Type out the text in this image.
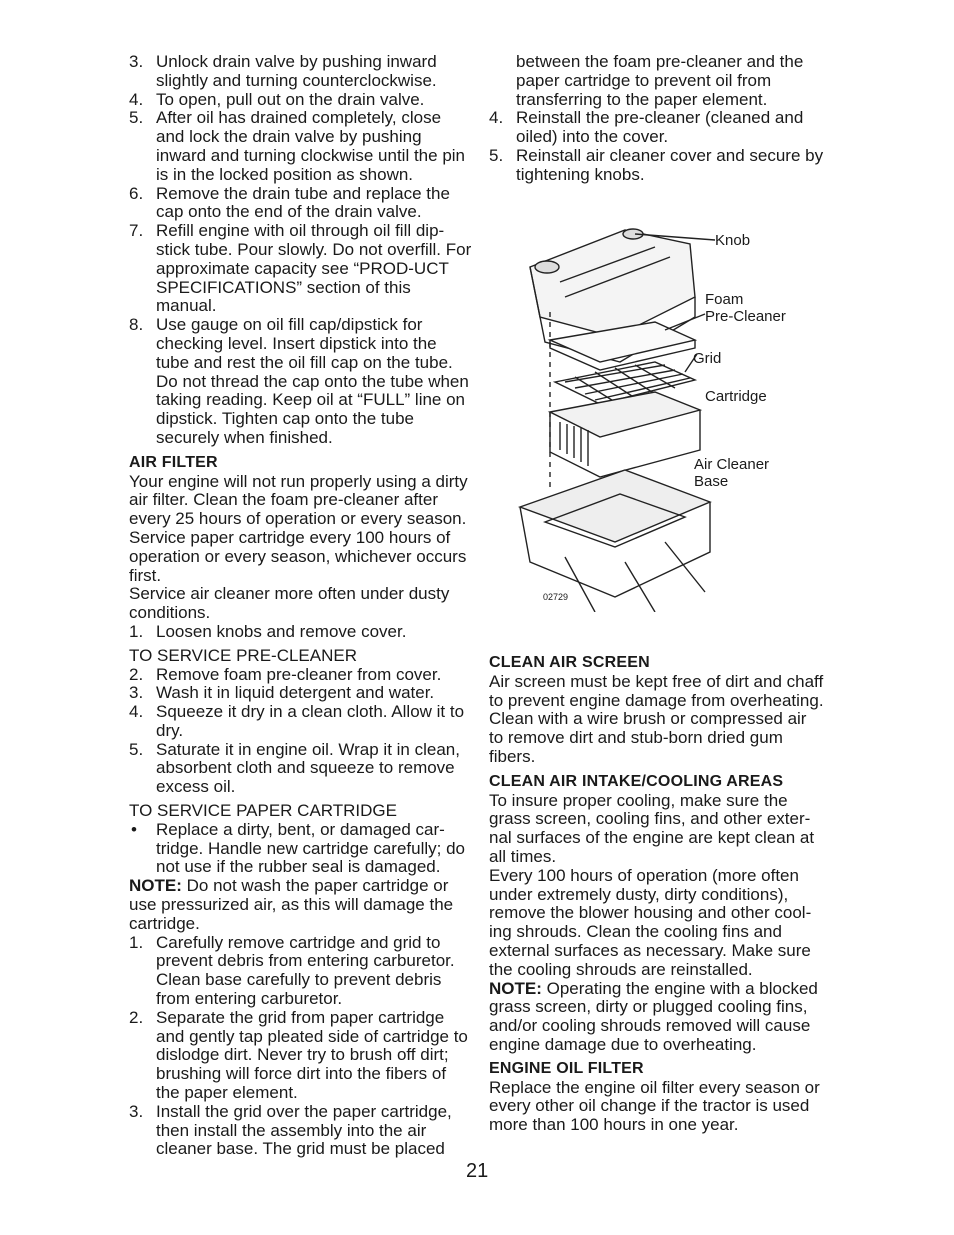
3. Unlock drain valve by pushing inward slightly and turning counterclockwise.
4. To open, pull out on the drain valve.
5. After oil has drained completely, close and lock the drain valve by pushing inward and turning clockwise until the pin is in the locked position as shown.
6. Remove the drain tube and replace the cap onto the end of the drain valve.
7. Refill engine with oil through oil fill dip-stick tube. Pour slowly. Do not overfill. For approximate capacity see “PROD-UCT SPECIFICATIONS” section of this manual.
8. Use gauge on oil fill cap/dipstick for checking level. Insert dipstick into the tube and rest the oil fill cap on the tube. Do not thread the cap onto the tube when taking reading. Keep oil at “FULL” line on dipstick. Tighten cap onto the tube securely when finished.

AIR FILTER

Your engine will not run properly using a dirty air filter. Clean the foam pre-cleaner after every 25 hours of operation or every season. Service paper cartridge every 100 hours of operation or every season, whichever occurs first.

Service air cleaner more often under dusty conditions.

1. Loosen knobs and remove cover.

TO SERVICE PRE-CLEANER

2. Remove foam pre-cleaner from cover.
3. Wash it in liquid detergent and water.
4. Squeeze it dry in a clean cloth. Allow it to dry.
5. Saturate it in engine oil. Wrap it in clean, absorbent cloth and squeeze to remove excess oil.

TO SERVICE PAPER CARTRIDGE

• Replace a dirty, bent, or damaged car-tridge. Handle new cartridge carefully; do not use if the rubber seal is damaged.

NOTE: Do not wash the paper cartridge or use pressurized air, as this will damage the cartridge.

1. Carefully remove cartridge and grid to prevent debris from entering carburetor. Clean base carefully to prevent debris from entering carburetor.
2. Separate the grid from paper cartridge and gently tap pleated side of cartridge to dislodge dirt. Never try to brush off dirt; brushing will force dirt into the fibers of the paper element.
3. Install the grid over the paper cartridge, then install the assembly into the air cleaner base. The grid must be placed

between the foam pre-cleaner and the paper cartridge to prevent oil from transferring to the paper element.

4. Reinstall the pre-cleaner (cleaned and oiled) into the cover.
5. Reinstall air cleaner cover and secure by tightening knobs.
Knob
Foam
Pre-Cleaner
Grid
Cartridge
Air Cleaner
Base
02729

CLEAN AIR SCREEN

Air screen must be kept free of dirt and chaff to prevent engine damage from overheating. Clean with a wire brush or compressed air to remove dirt and stub-born dried gum fibers.

CLEAN AIR INTAKE/COOLING AREAS

To insure proper cooling, make sure the grass screen, cooling fins, and other exter-nal surfaces of the engine are kept clean at all times.

Every 100 hours of operation (more often under extremely dusty, dirty conditions), remove the blower housing and other cool-ing shrouds. Clean the cooling fins and external surfaces as necessary. Make sure the cooling shrouds are reinstalled.

NOTE: Operating the engine with a blocked grass screen, dirty or plugged cooling fins, and/or cooling shrouds removed will cause engine damage due to overheating.

ENGINE OIL FILTER

Replace the engine oil filter every season or every other oil change if the tractor is used more than 100 hours in one year.

21
